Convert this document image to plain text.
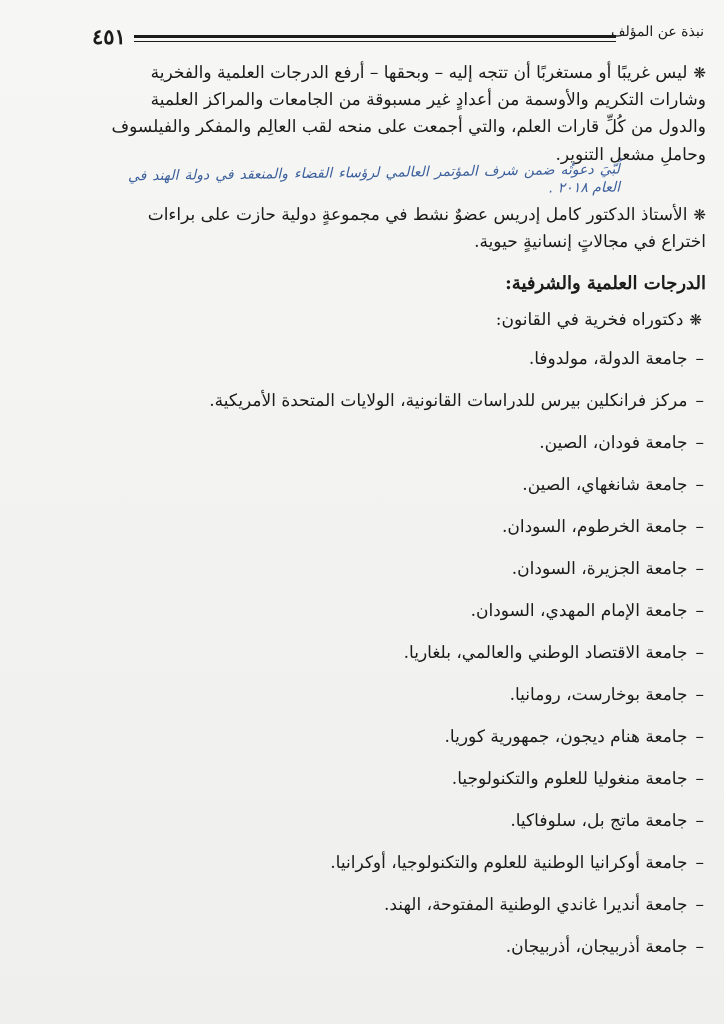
٤٥١	نبذة عن المؤلف
❋ليس غريبًا أو مستغربًا أن تتجه إليه – وبحقها – أرفع الدرجات العلمية والفخرية
وشارات التكريم والأوسمة من أعدادٍ غير مسبوقة من الجامعات والمراكز العلمية
والدول من كُلِّ قارات العلم، والتي أجمعت على منحه لقب العالِم والمفكر والفيلسوف
وحاملِ مشعل التنوير.
لُبّيَ دعوتُه ضمن شرف المؤتمر العالمي لرؤساء القضاء والمنعقد في دولة الهند في العام ٢٠١٨ .
❋الأستاذ الدكتور كامل إدريس عضوٌ نشط في مجموعةٍ دولية حازت على براءات
اختراع في مجالاتٍ إنسانيةٍ حيوية.
الدرجات العلمية والشرفية:
❋دكتوراه فخرية في القانون:
–جامعة الدولة، مولدوفا.
–مركز فرانكلين بيرس للدراسات القانونية، الولايات المتحدة الأمريكية.
–جامعة فودان، الصين.
–جامعة شانغهاي، الصين.
–جامعة الخرطوم، السودان.
–جامعة الجزيرة، السودان.
–جامعة الإمام المهدي، السودان.
–جامعة الاقتصاد الوطني والعالمي، بلغاريا.
–جامعة بوخارست، رومانيا.
–جامعة هنام ديجون، جمهورية كوريا.
–جامعة منغوليا للعلوم والتكنولوجيا.
–جامعة ماتج بل، سلوفاكيا.
–جامعة أوكرانيا الوطنية للعلوم والتكنولوجيا، أوكرانيا.
–جامعة أنديرا غاندي الوطنية المفتوحة، الهند.
–جامعة أذربيجان، أذربيجان.
